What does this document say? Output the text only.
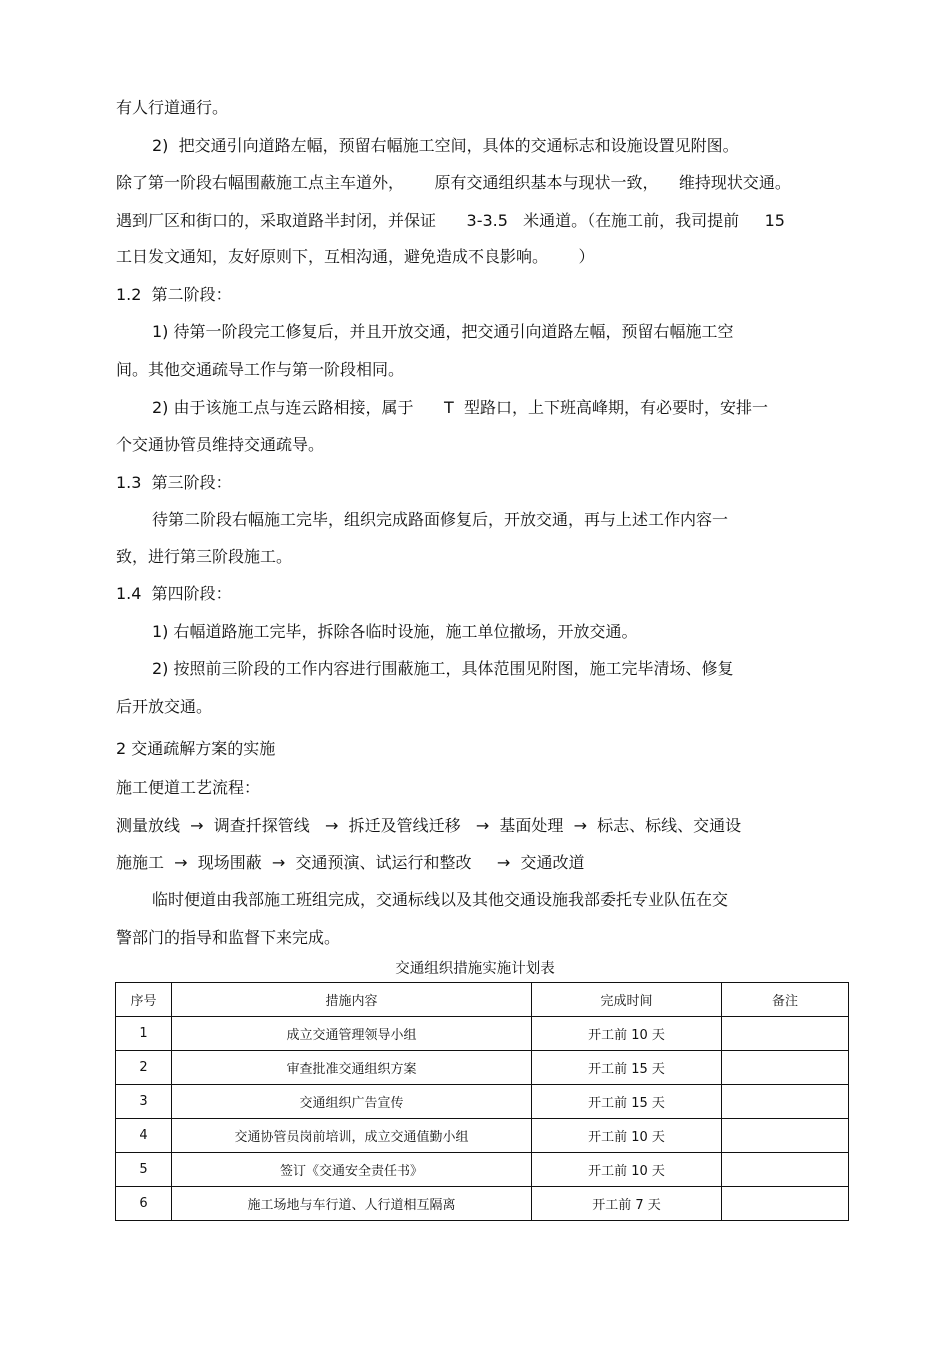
有人行道通行。

2)  把交通引向道路左幅，预留右幅施工空间，具体的交通标志和设施设置见附图。

除了第一阶段右幅围蔽施工点主车道外，      原有交通组织基本与现状一致，    维持现状交通。

遇到厂区和街口的，采取道路半封闭，并保证      3-3.5   米通道。（在施工前，我司提前     15

工日发文通知，友好原则下，互相沟通，避免造成不良影响。      ）

1.2  第二阶段：

1) 待第一阶段完工修复后，并且开放交通，把交通引向道路左幅，预留右幅施工空

间。其他交通疏导工作与第一阶段相同。

2) 由于该施工点与连云路相接，属于      T  型路口，上下班高峰期，有必要时，安排一

个交通协管员维持交通疏导。

1.3  第三阶段：

待第二阶段右幅施工完毕，组织完成路面修复后，开放交通，再与上述工作内容一

致，进行第三阶段施工。

1.4  第四阶段：

1) 右幅道路施工完毕，拆除各临时设施，施工单位撤场，开放交通。

2) 按照前三阶段的工作内容进行围蔽施工，具体范围见附图，施工完毕清场、修复

后开放交通。

2 交通疏解方案的实施

施工便道工艺流程：

测量放线  →  调查扦探管线   →  拆迁及管线迁移   →  基面处理  →  标志、标线、交通设

施施工  →  现场围蔽  →  交通预演、试运行和整改     →  交通改道

临时便道由我部施工班组完成，交通标线以及其他交通设施我部委托专业队伍在交

警部门的指导和监督下来完成。

交通组织措施实施计划表
序号	措施内容	完成时间	备注
1	成立交通管理领导小组	开工前 10 天	
2	审查批准交通组织方案	开工前 15 天	
3	交通组织广告宣传	开工前 15 天	
4	交通协管员岗前培训，成立交通值勤小组	开工前 10 天	
5	签订《交通安全责任书》	开工前 10 天	
6	施工场地与车行道、人行道相互隔离	开工前 7 天	
